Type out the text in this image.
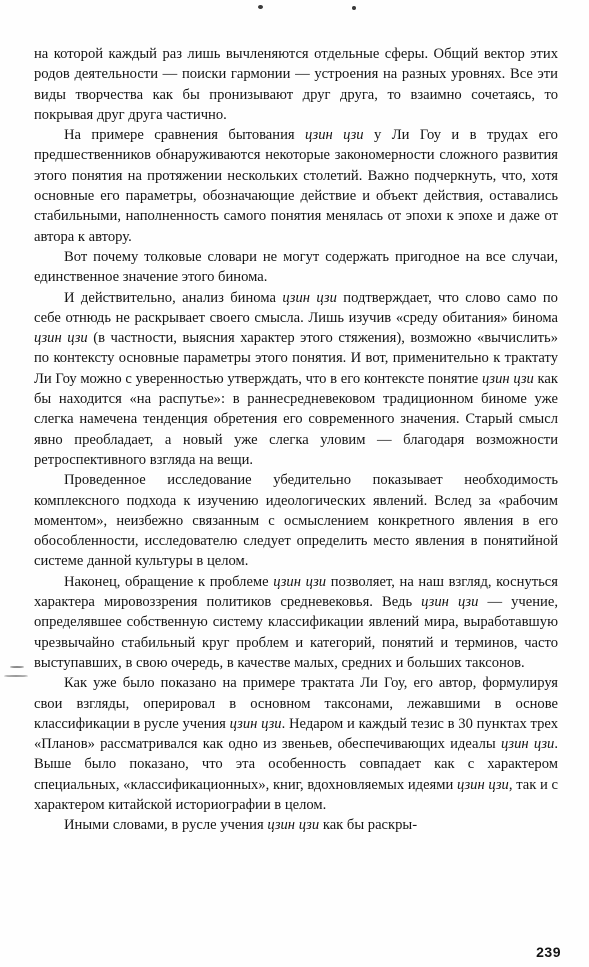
на которой каждый раз лишь вычленяются отдельные сферы. Общий вектор этих родов деятельности — поиски гармонии — устроения на разных уровнях. Все эти виды творчества как бы пронизывают друг друга, то взаимно сочетаясь, то покрывая друг друга частично.

На примере сравнения бытования цзин цзи у Ли Гоу и в трудах его предшественников обнаруживаются некоторые закономерности сложного развития этого понятия на протяжении нескольких столетий. Важно подчеркнуть, что, хотя основные его параметры, обозначающие действие и объект действия, оставались стабильными, наполненность самого понятия менялась от эпохи к эпохе и даже от автора к автору.

Вот почему толковые словари не могут содержать пригодное на все случаи, единственное значение этого бинома.

И действительно, анализ бинома цзин цзи подтверждает, что слово само по себе отнюдь не раскрывает своего смысла. Лишь изучив «среду обитания» бинома цзин цзи (в частности, выясния характер этого стяжения), возможно «вычислить» по контексту основные параметры этого понятия. И вот, применительно к трактату Ли Гоу можно с уверенностью утверждать, что в его контексте понятие цзин цзи как бы находится «на распутье»: в раннесредневековом традиционном биноме уже слегка намечена тенденция обретения его современного значения. Старый смысл явно преобладает, а новый уже слегка уловим — благодаря возможности ретроспективного взгляда на вещи.

Проведенное исследование убедительно показывает необходимость комплексного подхода к изучению идеологических явлений. Вслед за «рабочим моментом», неизбежно связанным с осмыслением конкретного явления в его обособленности, исследователю следует определить место явления в понятийной системе данной культуры в целом.

Наконец, обращение к проблеме цзин цзи позволяет, на наш взгляд, коснуться характера мировоззрения политиков средневековья. Ведь цзин цзи — учение, определявшее собственную систему классификации явлений мира, выработавшую чрезвычайно стабильный круг проблем и категорий, понятий и терминов, часто выступавших, в свою очередь, в качестве малых, средних и больших таксонов.

Как уже было показано на примере трактата Ли Гоу, его автор, формулируя свои взгляды, оперировал в основном таксонами, лежавшими в основе классификации в русле учения цзин цзи. Недаром и каждый тезис в 30 пунктах трех «Планов» рассматривался как одно из звеньев, обеспечивающих идеалы цзин цзи. Выше было показано, что эта особенность совпадает как с характером специальных, «классификационных», книг, вдохновляемых идеями цзин цзи, так и с характером китайской историографии в целом.

Иными словами, в русле учения цзин цзи как бы раскры-

239
